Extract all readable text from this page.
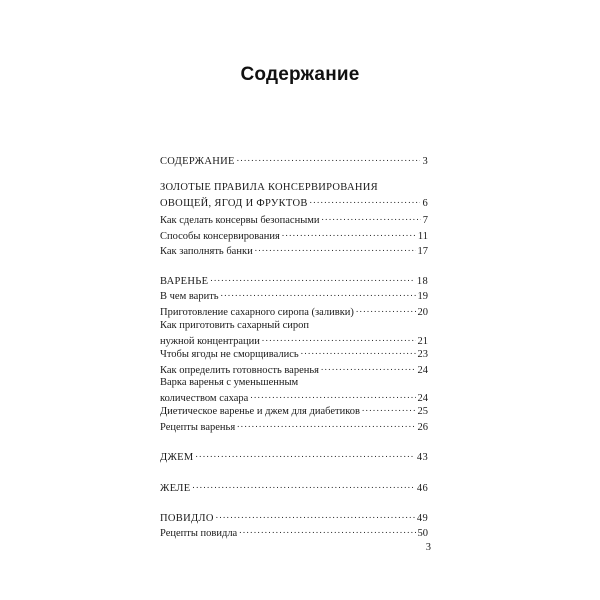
Содержание
СОДЕРЖАНИЕ .....	3
ЗОЛОТЫЕ ПРАВИЛА КОНСЕРВИРОВАНИЯ
ОВОЩЕЙ, ЯГОД И ФРУКТОВ .....	6
Как сделать консервы безопасными .....	7
Способы консервирования .....	11
Как заполнять банки .....	17
ВАРЕНЬЕ .....	18
В чем варить .....	19
Приготовление сахарного сиропа (заливки) .....	20
Как приготовить сахарный сироп
нужной концентрации .....	21
Чтобы ягоды не сморщивались .....	23
Как определить готовность варенья .....	24
Варка варенья с уменьшенным
количеством сахара .....	24
Диетическое варенье и джем для диабетиков .....	25
Рецепты варенья .....	26
ДЖЕМ .....	43
ЖЕЛЕ .....	46
ПОВИДЛО .....	49
Рецепты повидла .....	50
3
